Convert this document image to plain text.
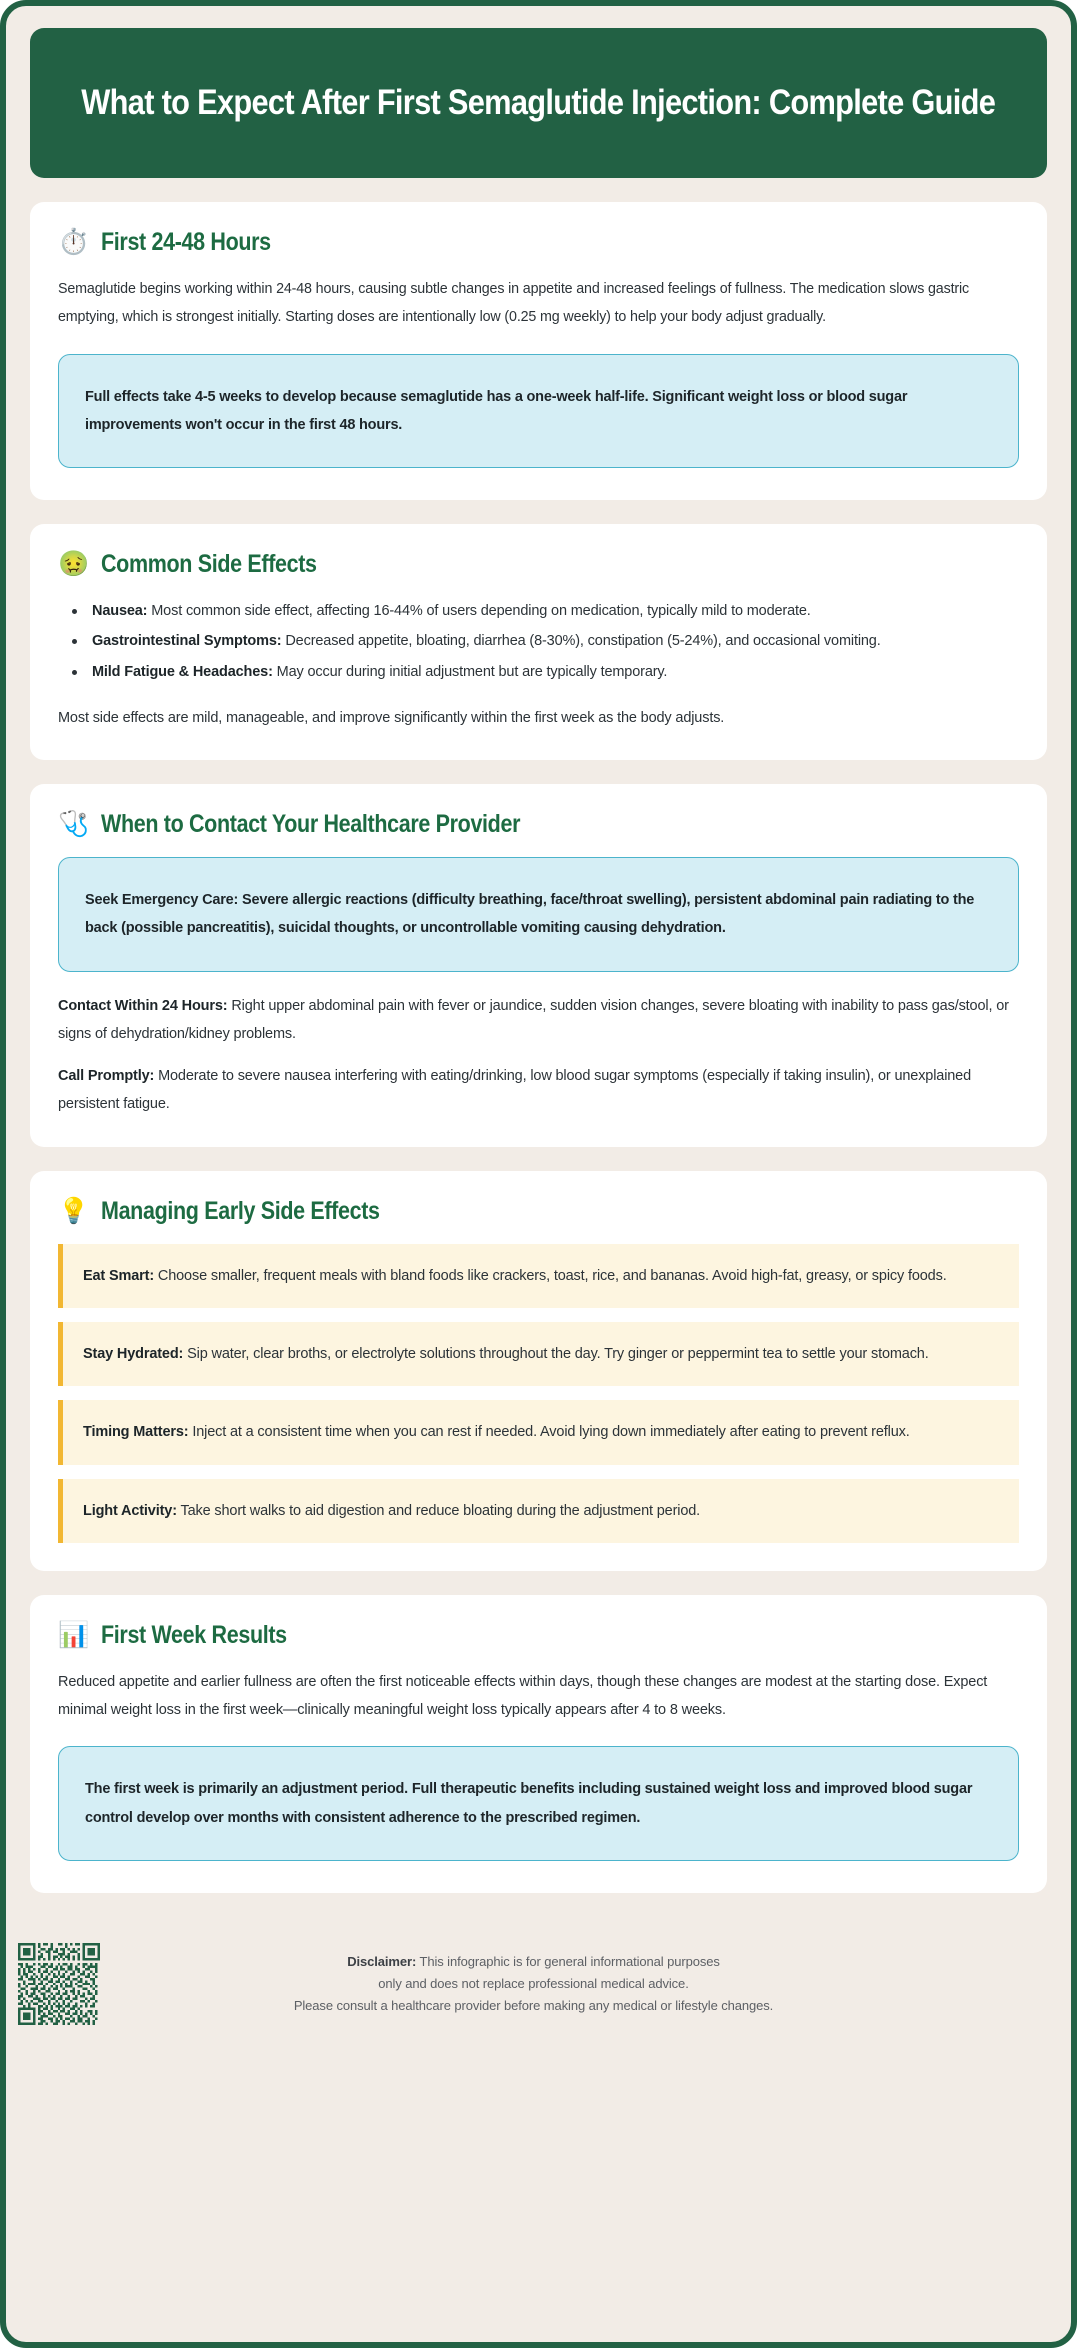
What to Expect After First Semaglutide Injection: Complete Guide
⏱️ First 24-48 Hours

Semaglutide begins working within 24-48 hours, causing subtle changes in appetite and increased feelings of fullness. The medication slows gastric emptying, which is strongest initially. Starting doses are intentionally low (0.25 mg weekly) to help your body adjust gradually.

Full effects take 4-5 weeks to develop because semaglutide has a one-week half-life. Significant weight loss or blood sugar improvements won't occur in the first 48 hours.
🤢 Common Side Effects
Nausea: Most common side effect, affecting 16-44% of users depending on medication, typically mild to moderate.
Gastrointestinal Symptoms: Decreased appetite, bloating, diarrhea (8-30%), constipation (5-24%), and occasional vomiting.
Mild Fatigue & Headaches: May occur during initial adjustment but are typically temporary.

Most side effects are mild, manageable, and improve significantly within the first week as the body adjusts.

🩺 When to Contact Your Healthcare Provider
Seek Emergency Care: Severe allergic reactions (difficulty breathing, face/throat swelling), persistent abdominal pain radiating to the back (possible pancreatitis), suicidal thoughts, or uncontrollable vomiting causing dehydration.

Contact Within 24 Hours: Right upper abdominal pain with fever or jaundice, sudden vision changes, severe bloating with inability to pass gas/stool, or signs of dehydration/kidney problems.

Call Promptly: Moderate to severe nausea interfering with eating/drinking, low blood sugar symptoms (especially if taking insulin), or unexplained persistent fatigue.

💡 Managing Early Side Effects
Eat Smart: Choose smaller, frequent meals with bland foods like crackers, toast, rice, and bananas. Avoid high-fat, greasy, or spicy foods.
Stay Hydrated: Sip water, clear broths, or electrolyte solutions throughout the day. Try ginger or peppermint tea to settle your stomach.
Timing Matters: Inject at a consistent time when you can rest if needed. Avoid lying down immediately after eating to prevent reflux.
Light Activity: Take short walks to aid digestion and reduce bloating during the adjustment period.
📊 First Week Results

Reduced appetite and earlier fullness are often the first noticeable effects within days, though these changes are modest at the starting dose. Expect minimal weight loss in the first week—clinically meaningful weight loss typically appears after 4 to 8 weeks.

The first week is primarily an adjustment period. Full therapeutic benefits including sustained weight loss and improved blood sugar control develop over months with consistent adherence to the prescribed regimen.
Disclaimer: This infographic is for general informational purposes
only and does not replace professional medical advice.
Please consult a healthcare provider before making any medical or lifestyle changes.
